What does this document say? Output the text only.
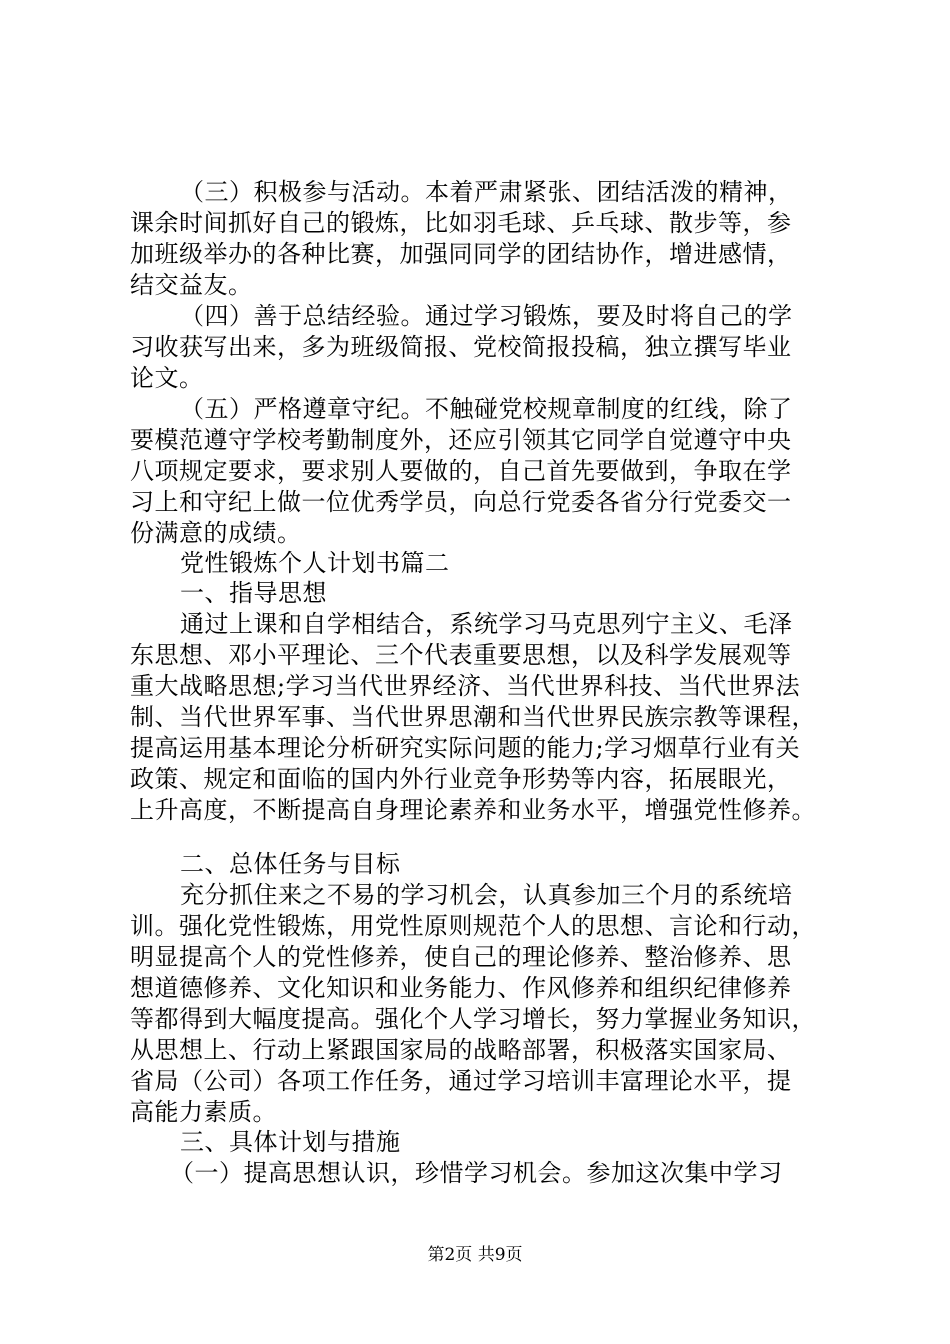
（三）积极参与活动。本着严肃紧张、团结活泼的精神，
课余时间抓好自己的锻炼，比如羽毛球、乒乓球、散步等，参
加班级举办的各种比赛，加强同同学的团结协作，增进感情，
结交益友。
（四）善于总结经验。通过学习锻炼，要及时将自己的学
习收获写出来，多为班级简报、党校简报投稿，独立撰写毕业
论文。
（五）严格遵章守纪。不触碰党校规章制度的红线，除了
要模范遵守学校考勤制度外，还应引领其它同学自觉遵守中央
八项规定要求，要求别人要做的，自己首先要做到，争取在学
习上和守纪上做一位优秀学员，向总行党委各省分行党委交一
份满意的成绩。
党性锻炼个人计划书篇二
一、指导思想
通过上课和自学相结合，系统学习马克思列宁主义、毛泽
东思想、邓小平理论、三个代表重要思想，以及科学发展观等
重大战略思想;学习当代世界经济、当代世界科技、当代世界法
制、当代世界军事、当代世界思潮和当代世界民族宗教等课程，
提高运用基本理论分析研究实际问题的能力;学习烟草行业有关
政策、规定和面临的国内外行业竞争形势等内容，拓展眼光，
上升高度，不断提高自身理论素养和业务水平，增强党性修养。
二、总体任务与目标
充分抓住来之不易的学习机会，认真参加三个月的系统培
训。强化党性锻炼，用党性原则规范个人的思想、言论和行动，
明显提高个人的党性修养，使自己的理论修养、整治修养、思
想道德修养、文化知识和业务能力、作风修养和组织纪律修养
等都得到大幅度提高。强化个人学习增长，努力掌握业务知识，
从思想上、行动上紧跟国家局的战略部署，积极落实国家局、
省局（公司）各项工作任务，通过学习培训丰富理论水平，提
高能力素质。
三、具体计划与措施
（一）提高思想认识，珍惜学习机会。参加这次集中学习
第2页 共9页
